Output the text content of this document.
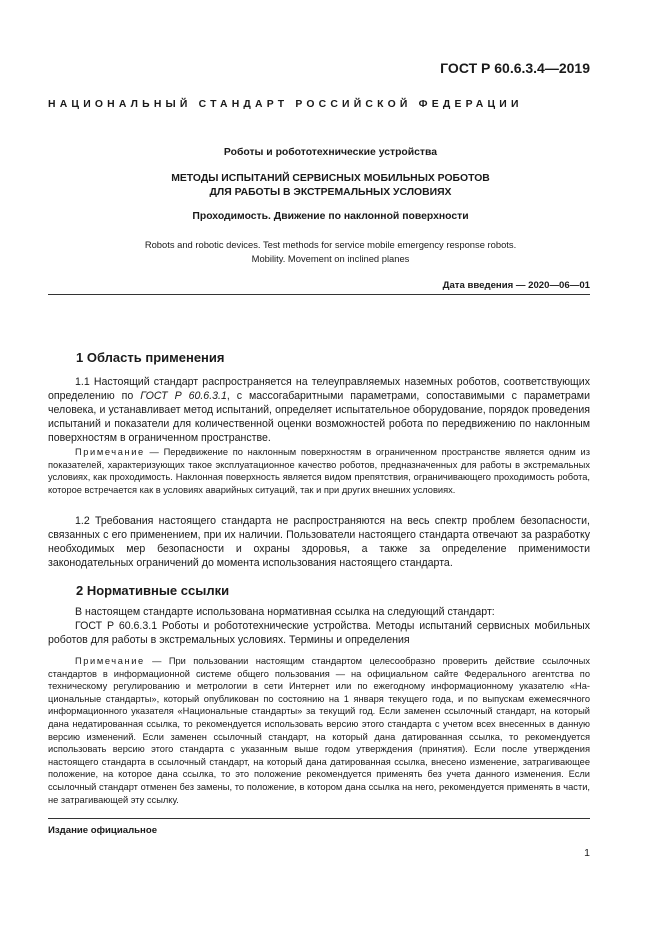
ГОСТ Р 60.6.3.4—2019
НАЦИОНАЛЬНЫЙ СТАНДАРТ РОССИЙСКОЙ ФЕДЕРАЦИИ
Роботы и робототехнические устройства
МЕТОДЫ ИСПЫТАНИЙ СЕРВИСНЫХ МОБИЛЬНЫХ РОБОТОВ
ДЛЯ РАБОТЫ В ЭКСТРЕМАЛЬНЫХ УСЛОВИЯХ
Проходимость. Движение по наклонной поверхности
Robots and robotic devices. Test methods for service mobile emergency response robots.
Mobility. Movement on inclined planes
Дата введения — 2020—06—01
1 Область применения
1.1 Настоящий стандарт распространяется на телеуправляемых наземных роботов, соответствующих определению по ГОСТ Р 60.6.3.1, с массогабаритными параметрами, сопоставимыми с параметрами человека, и устанавливает метод испытаний, определяет испытательное оборудование, порядок проведения испытаний и показатели для количественной оценки возможностей робота по передвижению по наклонным поверхностям в ограниченном пространстве.
Примечание — Передвижение по наклонным поверхностям в ограниченном пространстве является одним из показателей, характеризующих такое эксплуатационное качество роботов, предназначенных для работы в экстремальных условиях, как проходимость. Наклонная поверхность является видом препятствия, ограничивающего проходимость робота, которое встречается как в условиях аварийных ситуаций, так и при других внешних условиях.
1.2 Требования настоящего стандарта не распространяются на весь спектр проблем безопасности, связанных с его применением, при их наличии. Пользователи настоящего стандарта отвечают за разработку необходимых мер безопасности и охраны здоровья, а также за определение применимости законодательных ограничений до момента использования настоящего стандарта.
2 Нормативные ссылки
В настоящем стандарте использована нормативная ссылка на следующий стандарт:
ГОСТ Р 60.6.3.1 Роботы и робототехнические устройства. Методы испытаний сервисных мобильных роботов для работы в экстремальных условиях. Термины и определения
Примечание — При пользовании настоящим стандартом целесообразно проверить действие ссылочных стандартов в информационной системе общего пользования — на официальном сайте Федерального агентства по техническому регулированию и метрологии в сети Интернет или по ежегодному информационному указателю «Национальные стандарты», который опубликован по состоянию на 1 января текущего года, и по выпускам ежемесячного информационного указателя «Национальные стандарты» за текущий год. Если заменен ссылочный стандарт, на который дана недатированная ссылка, то рекомендуется использовать версию этого стандарта с учетом всех внесенных в данную версию изменений. Если заменен ссылочный стандарт, на который дана датированная ссылка, то рекомендуется использовать версию этого стандарта с указанным выше годом утверждения (принятия). Если после утверждения настоящего стандарта в ссылочный стандарт, на который дана датированная ссылка, внесено изменение, затрагивающее положение, на которое дана ссылка, то это положение рекомендуется применять без учета данного изменения. Если ссылочный стандарт отменен без замены, то положение, в котором дана ссылка на него, рекомендуется применять в части, не затрагивающей эту ссылку.
Издание официальное
1
